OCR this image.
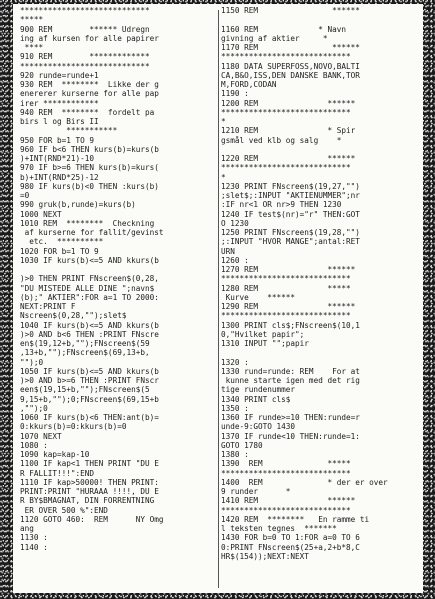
****************************
*****
900 REM        ****** Udregn
ing af kursen for alle papirer
****
910 REM        *************
****************************
920 runde=runde+1
930 REM  ********  Likke der g
enererer kurserne for alle pap
irer ************
940 REM  ********  fordelt pa
birs l og Birs II
***********
950 FOR b=1 TO 9
960 IF b<6 THEN kurs(b)=kurs(b
)+INT(RND*21)-10
970 IF b>=6 THEN kurs(b)=kurs(
b)+INT(RND*25)-12
980 IF kurs(b)<0 THEN :kurs(b)
=0
990 gruk(b,runde)=kurs(b)
1000 NEXT
1010 REM  ********  Checkning
af kurserne for fallit/gevinst
etc.  **********
1020 FOR b=1 TO 9
1030 IF kurs(b)<=5 AND kkurs(b
)>0 THEN PRINT FNscreen$(0,28,
"DU MISTEDE ALLE DINE ";navn$
(b);" AKTIER":FOR a=1 TO 2000:
NEXT:PRINT F
Nscreen$(0,28,"");slet$
1040 IF kurs(b)<=5 AND kkurs(b
)>0 AND b<6 THEN :PRINT FNscre
en$(19,12+b,"");FNscreen$(59
,13+b,"");FNscreen$(69,13+b,
"");0
1050 IF kurs(b)<=5 AND kkurs(b
)>0 AND b>=6 THEN :PRINT FNscr
een$(19,15+b,"");FNscreen$(5
9,15+b,"");0;FNscreen$(69,15+b
,"");0
1060 IF kurs(b)<6 THEN:ant(b)=
0:kkurs(b)=0:kkurs(b)=0
1070 NEXT
1080 :
1090 kap=kap-10
1100 IF kap<1 THEN PRINT "DU E
R FALLIT!!!":END
1110 IF kap>50000! THEN PRINT:
PRINT:PRINT "HURAAA !!!!, DU E
R BY$BMAGNAT, DIN FORRENTNING
ER OVER 500 %":END
1120 GOTO 460:  REM      NY Omg
ang
1130 :
1140 :
1150 REM                ******
1160 REM             * Navn
givning af aktier     *
1170 REM                ******
****************************
1180 DATA SUPERFOSS,NOVO,BALTI
CA,B&O,ISS,DEN DANSKE BANK,TOR
M,FORD,CODAN
1190 :
1200 REM               ******
****************************
*
1210 REM               * Spir
gsmål ved klb og salg    *
1220 REM               ******
****************************
*
1230 PRINT FNscreen$(19,27,"")
;slet$;:INPUT "AKTIENUMMER";nr
:IF nr<1 OR nr>9 THEN 1230
1240 IF test$(nr)="r" THEN:GOT
O 1230
1250 PRINT FNscreen$(19,28,"")
;:INPUT "HVOR MANGE";antal:RET
URN
1260 :
1270 REM               ******
****************************
1280 REM               *****
Kurve    ******
1290 REM               ******
****************************
1300 PRINT cls$;FNscreen$(10,1
0,"Hvilket papir";
1310 INPUT "";papir
1320 :
1330 rund=runde: REM    For at
kunne starte igen med det rig
tige rundenummer
1340 PRINT cls$
1350 :
1360 IF runde>=10 THEN:runde=r
unde-9:GOTO 1430
1370 IF runde<10 THEN:runde=1:
GOTO 1780
1380 :
1390  REM              *****
****************************
1400  REM              * der er over
9 runder      *
1410 REM               ******
****************************
1420 REM  ********   En ramme ti
l teksten tegnes  *******
1430 FOR b=0 TO 1:FOR a=0 TO 6
0:PRINT FNscreen$(25+a,2+b*8,C
HR$(154));NEXT:NEXT
